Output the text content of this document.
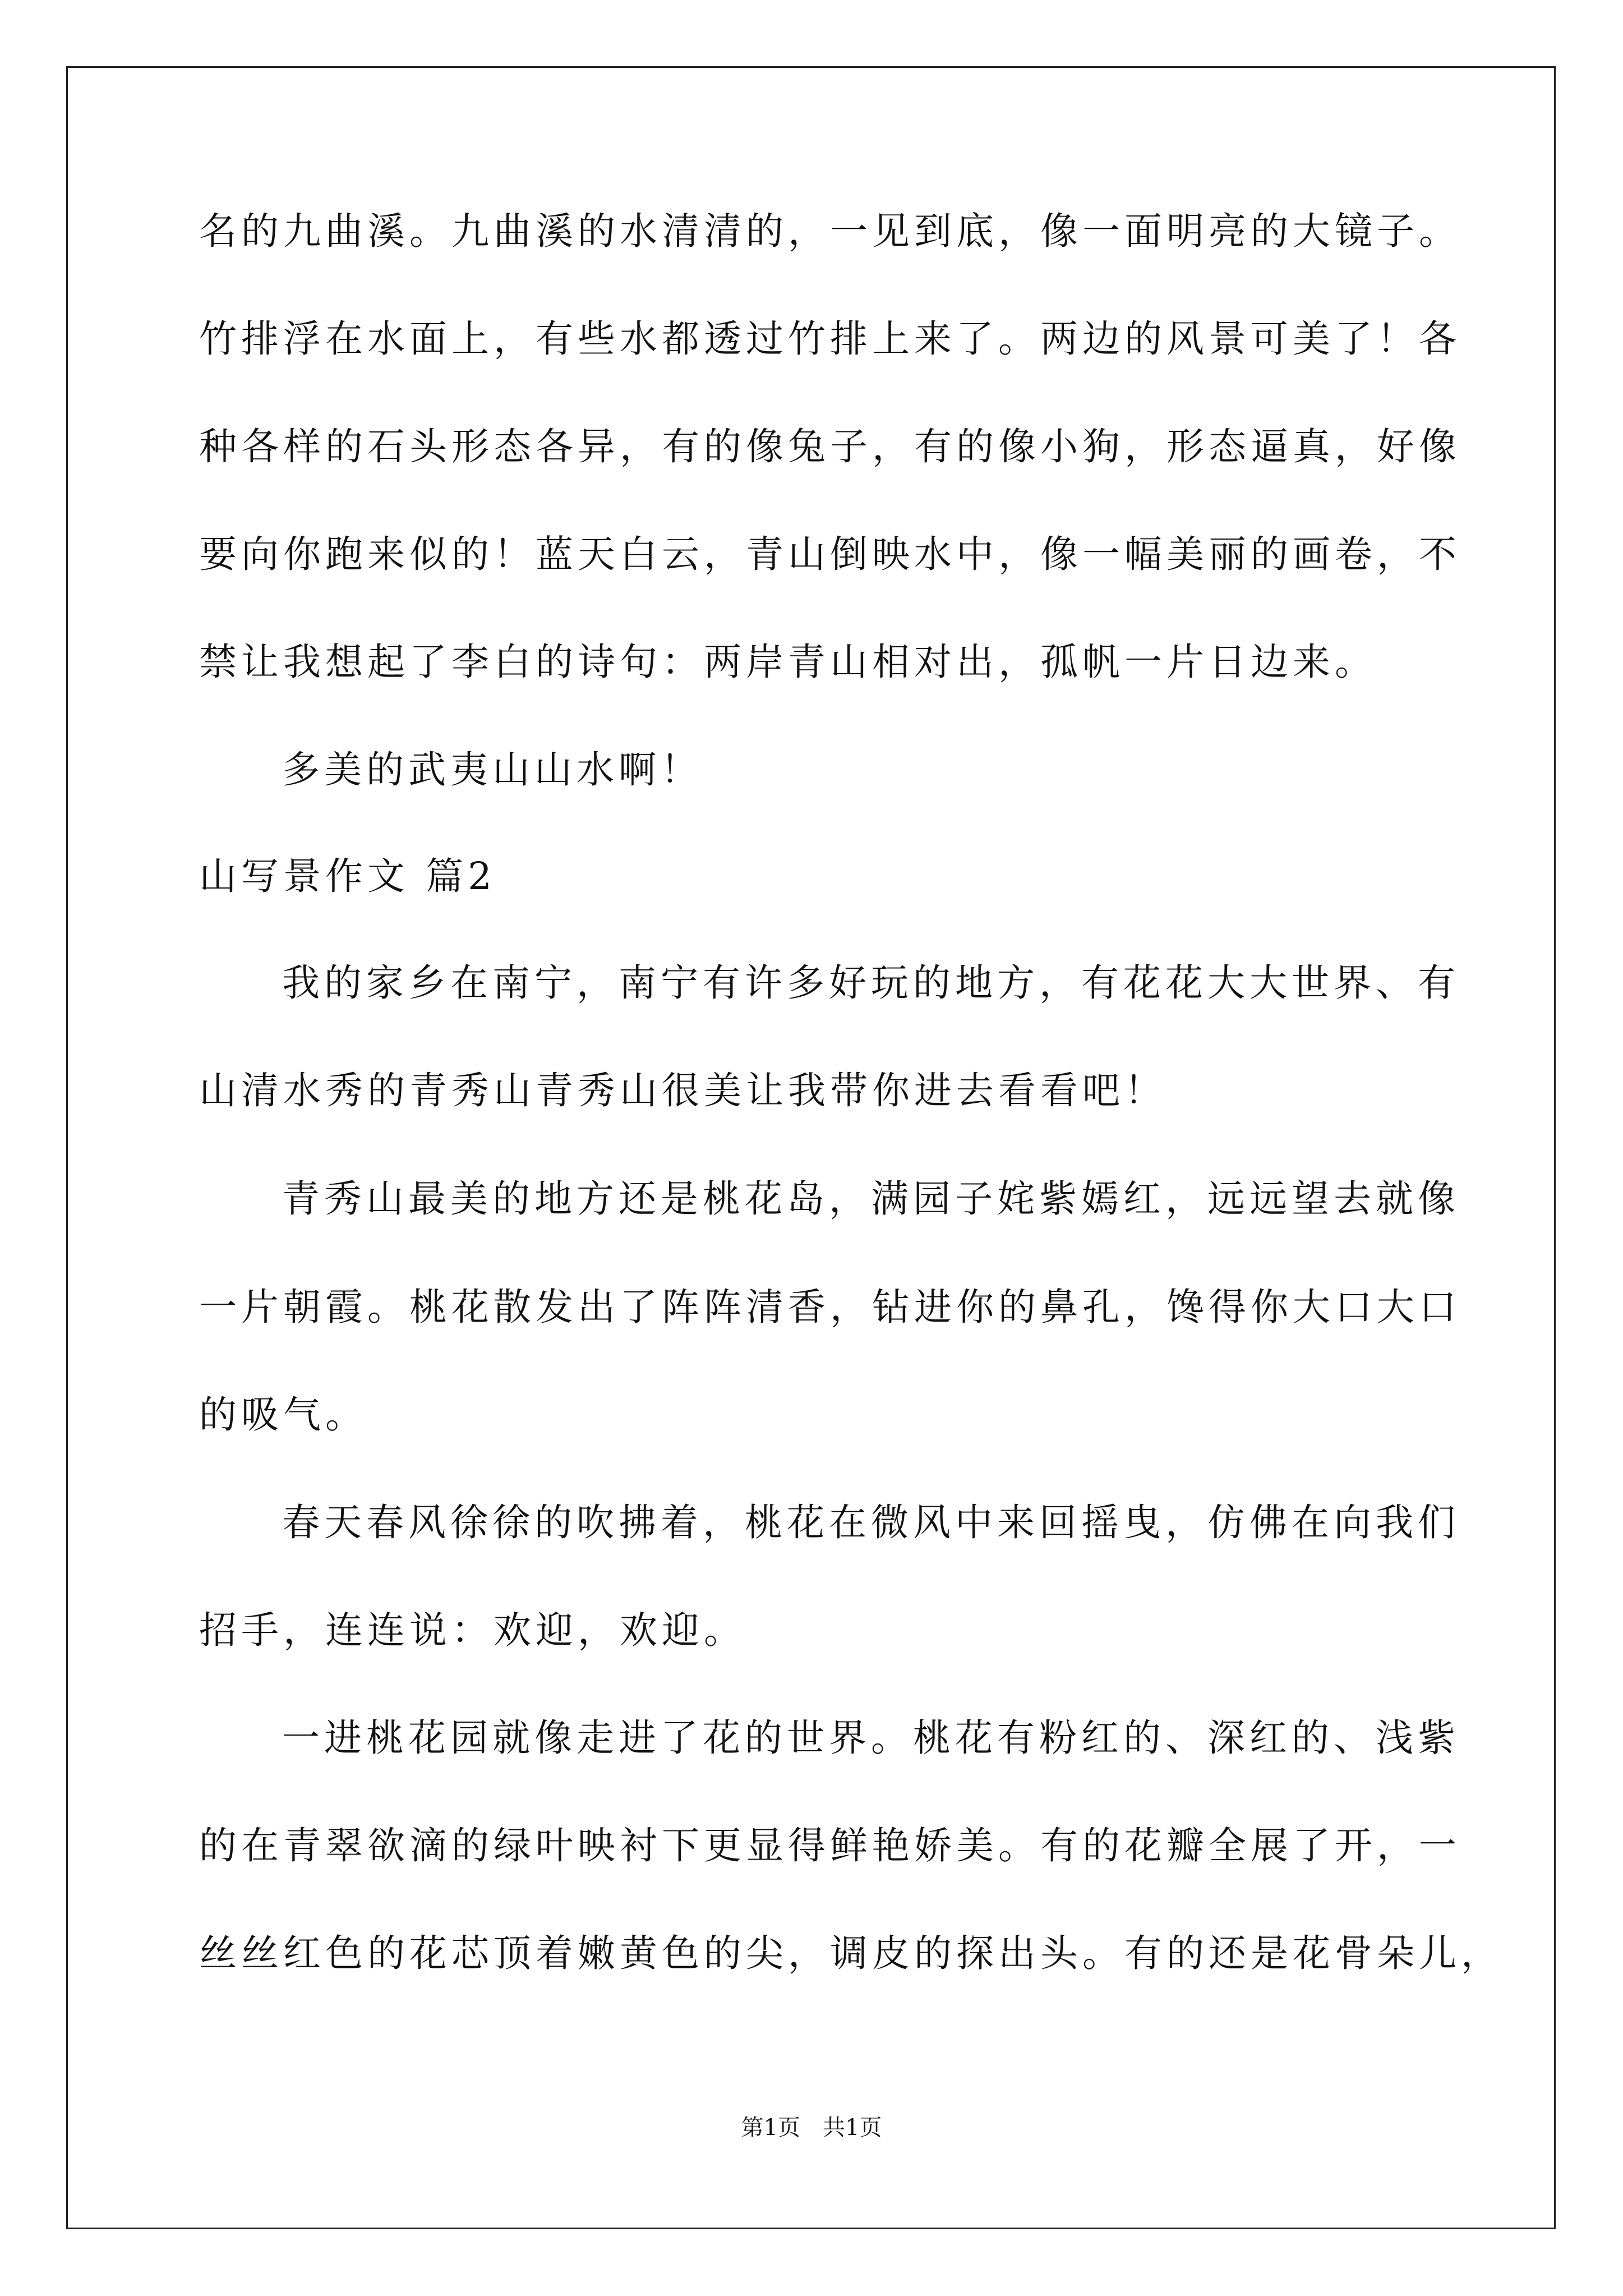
名的九曲溪。九曲溪的水清清的，一见到底，像一面明亮的大镜子。
竹排浮在水面上，有些水都透过竹排上来了。两边的风景可美了！各
种各样的石头形态各异，有的像兔子，有的像小狗，形态逼真，好像
要向你跑来似的！蓝天白云，青山倒映水中，像一幅美丽的画卷，不
禁让我想起了李白的诗句：两岸青山相对出，孤帆一片日边来。
多美的武夷山山水啊！
山写景作文 篇2
我的家乡在南宁，南宁有许多好玩的地方，有花花大大世界、有
山清水秀的青秀山青秀山很美让我带你进去看看吧！
青秀山最美的地方还是桃花岛，满园子姹紫嫣红，远远望去就像
一片朝霞。桃花散发出了阵阵清香，钻进你的鼻孔，馋得你大口大口
的吸气。
春天春风徐徐的吹拂着，桃花在微风中来回摇曳，仿佛在向我们
招手，连连说：欢迎，欢迎。
一进桃花园就像走进了花的世界。桃花有粉红的、深红的、浅紫
的在青翠欲滴的绿叶映衬下更显得鲜艳娇美。有的花瓣全展了开，一
丝丝红色的花芯顶着嫩黄色的尖，调皮的探出头。有的还是花骨朵儿，
第1页　共1页
